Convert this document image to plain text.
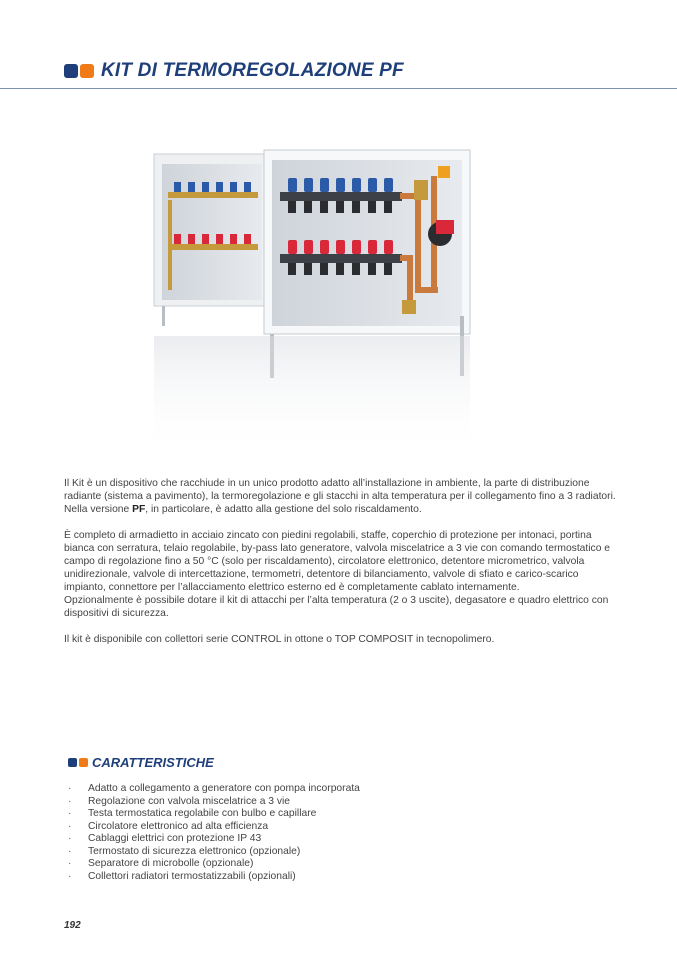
KIT DI TERMOREGOLAZIONE PF

Il Kit è un dispositivo che racchiude in un unico prodotto adatto all’installazione in ambiente, la parte di distribuzione radiante (sistema a pavimento), la termoregolazione e gli stacchi in alta temperatura per il collegamento fino a 3 radiatori. Nella versione PF, in particolare, è adatto alla gestione del solo riscaldamento.

È completo di armadietto in acciaio zincato con piedini regolabili, staffe, coperchio di protezione per intonaci, portina bianca con serratura, telaio regolabile, by-pass lato generatore, valvola miscelatrice a 3 vie con comando termostatico e campo di regolazione fino a 50 °C (solo per riscaldamento), circolatore elettronico, detentore micrometrico, valvola unidirezionale, valvole di intercettazione, termometri, detentore di bilanciamento, valvole di sfiato e carico-scarico impianto, connettore per l’allacciamento elettrico esterno ed è completamente cablato internamente.

Opzionalmente è possibile dotare il kit di attacchi per l’alta temperatura (2 o 3 uscite), degasatore e quadro elettrico con dispositivi di sicurezza.

Il kit è disponibile con collettori serie CONTROL in ottone o TOP COMPOSIT in tecnopolimero.

CARATTERISTICHE
· Adatto a collegamento a generatore con pompa incorporata
· Regolazione con valvola miscelatrice a 3 vie
· Testa termostatica regolabile con bulbo e capillare
· Circolatore elettronico ad alta efficienza
· Cablaggi elettrici con protezione IP 43
· Termostato di sicurezza elettronico (opzionale)
· Separatore di microbolle (opzionale)
· Collettori radiatori termostatizzabili (opzionali)
192
